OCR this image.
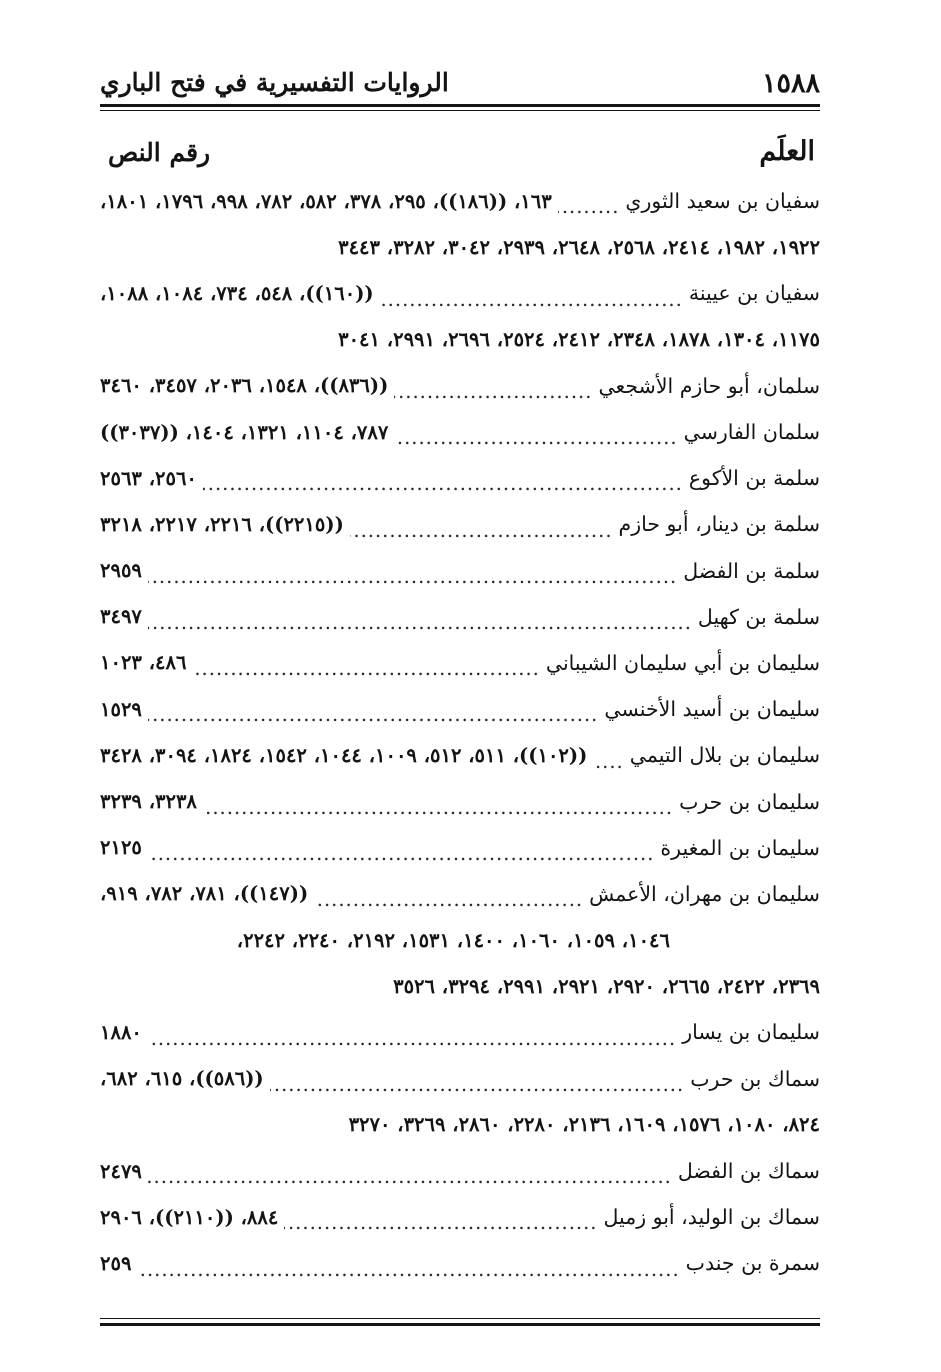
١٥٨٨
الروايات التفسيرية في فتح الباري
العلَم
رقم النص
١٦٣، ((١٨٦))، ٢٩٥، ٣٧٨، ٥٨٢، ٧٨٢، ٩٩٨، ١٧٩٦، ١٨٠١، .....	سفيان بن سعيد الثوري
١٩٢٢، ١٩٨٢، ٢٤١٤، ٢٥٦٨، ٢٦٤٨، ٢٩٣٩، ٣٠٤٢، ٣٢٨٢، ٣٤٤٣
((١٦٠))، ٥٤٨، ٧٣٤، ١٠٨٤، ١٠٨٨، .....	سفيان بن عيينة
١١٧٥، ١٣٠٤، ١٨٧٨، ٢٣٤٨، ٢٤١٢، ٢٥٢٤، ٢٦٩٦، ٢٩٩١، ٣٠٤١
((٨٣٦))، ١٥٤٨، ٢٠٣٦، ٣٤٥٧، ٣٤٦٠ .....	سلمان، أبو حازم الأشجعي
٧٨٧، ١١٠٤، ١٣٢١، ١٤٠٤، ((٣٠٣٧)) .....	سلمان الفارسي
٢٥٦٠، ٢٥٦٣ .....	سلمة بن الأكوع
((٢٢١٥))، ٢٢١٦، ٢٢١٧، ٣٢١٨ .....	سلمة بن دينار، أبو حازم
٢٩٥٩ .....	سلمة بن الفضل
٣٤٩٧ .....	سلمة بن كهيل
٤٨٦، ١٠٢٣ .....	سليمان بن أبي سليمان الشيباني
١٥٢٩ .....	سليمان بن أسيد الأخنسي
((١٠٢))، ٥١١، ٥١٢، ١٠٠٩، ١٠٤٤، ١٥٤٢، ١٨٢٤، ٣٠٩٤، ٣٤٢٨ ..... سليمان بن بلال التيمي
٣٢٣٨، ٣٢٣٩ .....	سليمان بن حرب
٢١٢٥ .....	سليمان بن المغيرة
((١٤٧))، ٧٨١، ٧٨٢، ٩١٩، .....	سليمان بن مهران، الأعمش
١٠٤٦، ١٠٥٩، ١٠٦٠، ١٤٠٠، ١٥٣١، ٢١٩٢، ٢٢٤٠، ٢٢٤٢،
٢٣٦٩، ٢٤٢٢، ٢٦٦٥، ٢٩٢٠، ٢٩٢١، ٢٩٩١، ٣٢٩٤، ٣٥٢٦
١٨٨٠ .....	سليمان بن يسار
((٥٨٦))، ٦١٥، ٦٨٢، .....	سماك بن حرب
٨٢٤، ١٠٨٠، ١٥٧٦، ١٦٠٩، ٢١٣٦، ٢٢٨٠، ٢٨٦٠، ٣٢٦٩، ٣٢٧٠
٢٤٧٩ .....	سماك بن الفضل
٨٨٤، ((٢١١٠))، ٢٩٠٦ .....	سماك بن الوليد، أبو زميل
٢٥٩ .....	سمرة بن جندب
